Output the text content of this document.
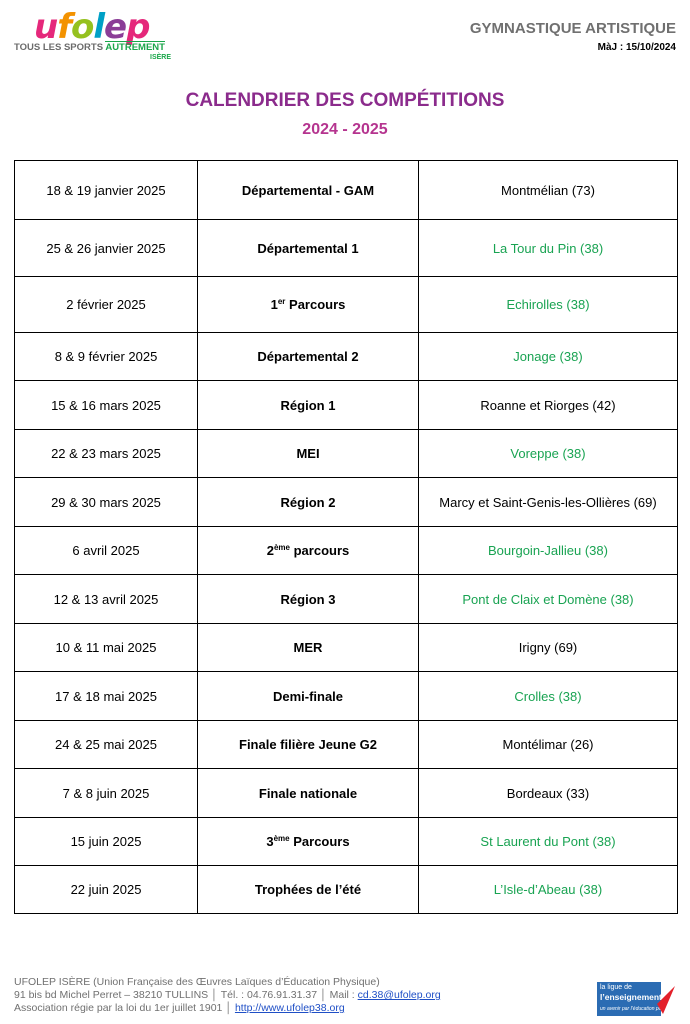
ufolep
TOUS LES SPORTS AUTREMENT
ISÈRE
GYMNASTIQUE ARTISTIQUE
MàJ : 15/10/2024
CALENDRIER DES COMPÉTITIONS
2024 - 2025
18 & 19 janvier 2025	Départemental - GAM	Montmélian (73)
25 & 26 janvier 2025	Départemental 1	La Tour du Pin (38)
2 février 2025	1er Parcours	Echirolles (38)
8 & 9 février 2025	Départemental 2	Jonage (38)
15 & 16 mars 2025	Région 1	Roanne et Riorges (42)
22 & 23 mars 2025	MEI	Voreppe (38)
29 & 30 mars 2025	Région 2	Marcy et Saint-Genis-les-Ollières (69)
6 avril 2025	2ème parcours	Bourgoin-Jallieu (38)
12 & 13 avril 2025	Région 3	Pont de Claix et Domène (38)
10 & 11 mai 2025	MER	Irigny (69)
17 & 18 mai 2025	Demi-finale	Crolles (38)
24 & 25 mai 2025	Finale filière Jeune G2	Montélimar (26)
7 & 8 juin 2025	Finale nationale	Bordeaux (33)
15 juin 2025	3ème Parcours	St Laurent du Pont (38)
22 juin 2025	Trophées de l’été	L’Isle-d’Abeau (38)
UFOLEP ISÈRE (Union Française des Œuvres Laïques d’Éducation Physique)
91 bis bd Michel Perret – 38210 TULLINS │ Tél. : 04.76.91.31.37 │ Mail : cd.38@ufolep.org
Association régie par la loi du 1er juillet 1901 │ http://www.ufolep38.org
la ligue de
l’enseignement
un avenir par l’éducation populaire
